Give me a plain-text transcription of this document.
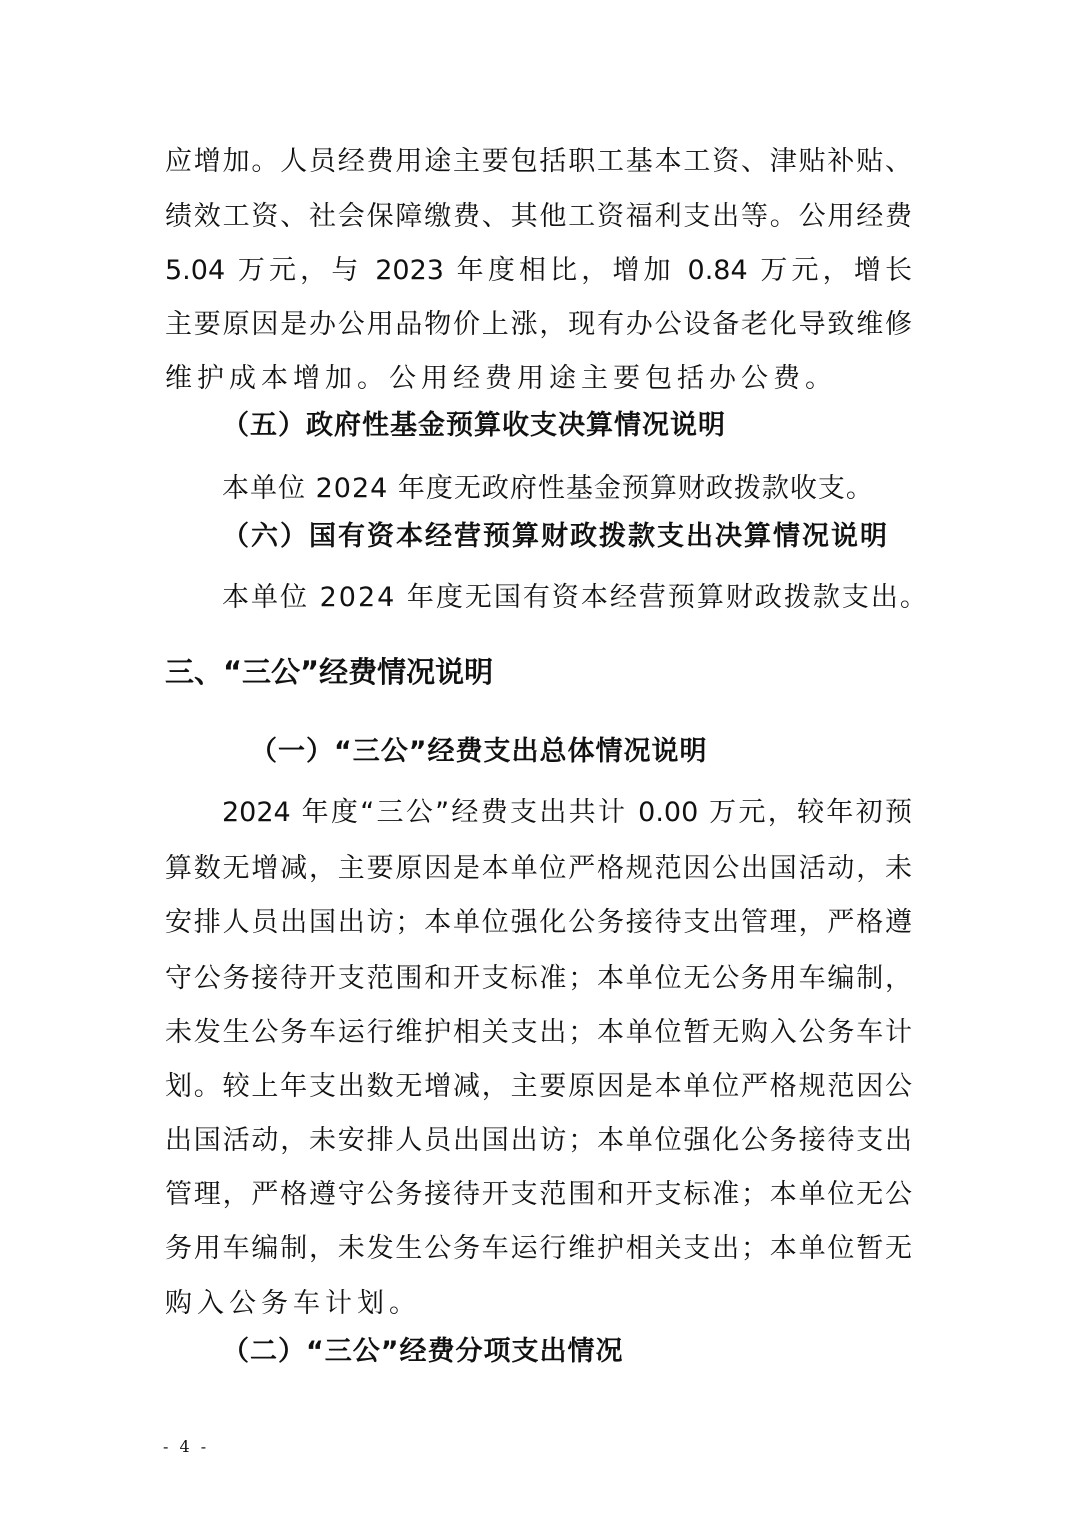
应增加。人员经费用途主要包括职工基本工资、津贴补贴、
绩效工资、社会保障缴费、其他工资福利支出等。公用经费
5.04 万元，与 2023 年度相比，增加 0.84 万元，增长
主要原因是办公用品物价上涨，现有办公设备老化导致维修
维护成本增加。公用经费用途主要包括办公费。
（五）政府性基金预算收支决算情况说明
本单位 2024 年度无政府性基金预算财政拨款收支。
（六）国有资本经营预算财政拨款支出决算情况说明
本单位 2024 年度无国有资本经营预算财政拨款支出。
三、“三公”经费情况说明
（一）“三公”经费支出总体情况说明
2024 年度“三公”经费支出共计 0.00 万元，较年初预
算数无增减，主要原因是本单位严格规范因公出国活动，未
安排人员出国出访；本单位强化公务接待支出管理，严格遵
守公务接待开支范围和开支标准；本单位无公务用车编制，
未发生公务车运行维护相关支出；本单位暂无购入公务车计
划。较上年支出数无增减，主要原因是本单位严格规范因公
出国活动，未安排人员出国出访；本单位强化公务接待支出
管理，严格遵守公务接待开支范围和开支标准；本单位无公
务用车编制，未发生公务车运行维护相关支出；本单位暂无
购入公务车计划。
（二）“三公”经费分项支出情况
- 4 -
